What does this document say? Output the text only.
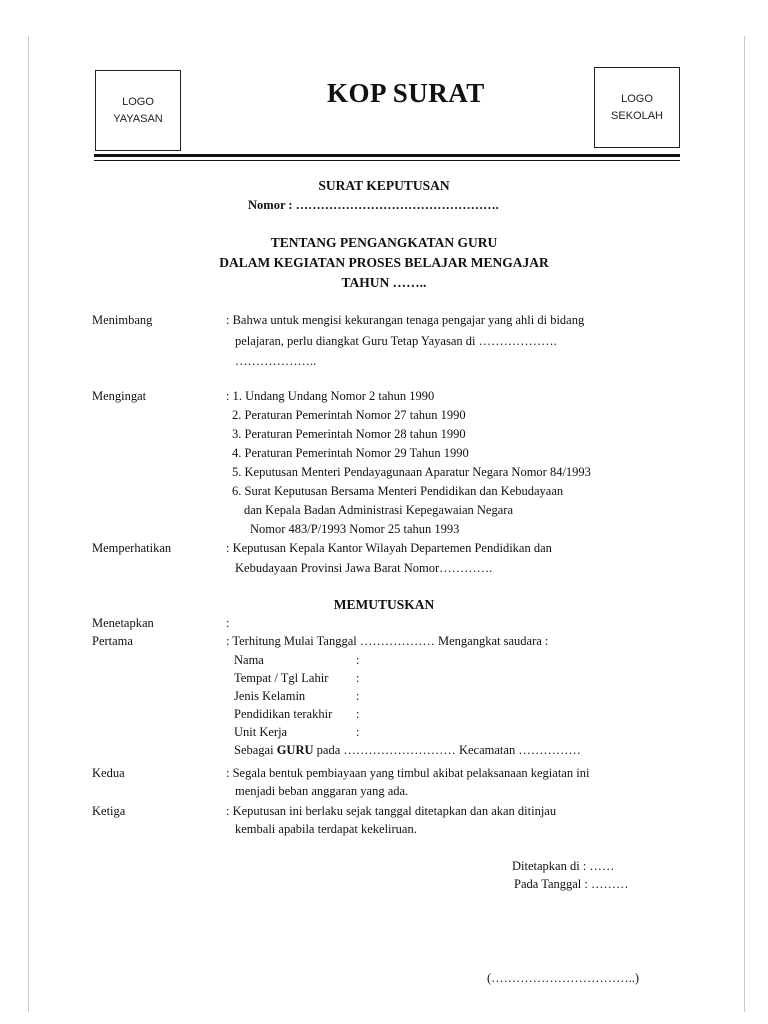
LOGO
YAYASAN
KOP SURAT	LOGO
SEKOLAH
SURAT KEPUTUSAN
Nomor : ………………………………………….
TENTANG PENGANGKATAN GURU
DALAM KEGIATAN PROSES BELAJAR MENGAJAR
TAHUN ……..
Menimbang	: Bahwa untuk mengisi kekurangan tenaga pengajar yang ahli di bidang
pelajaran, perlu diangkat Guru Tetap Yayasan di ……………….
………………..
Mengingat	: 1. Undang Undang Nomor 2 tahun 1990
2. Peraturan Pemerintah Nomor 27 tahun 1990
3. Peraturan Pemerintah Nomor 28 tahun 1990
4. Peraturan Pemerintah Nomor 29 Tahun 1990
5. Keputusan Menteri Pendayagunaan Aparatur Negara Nomor 84/1993
6. Surat Keputusan Bersama Menteri Pendidikan dan Kebudayaan
dan Kepala Badan Administrasi Kepegawaian Negara
Nomor 483/P/1993 Nomor 25 tahun 1993
Memperhatikan	: Keputusan Kepala Kantor Wilayah Departemen Pendidikan dan
Kebudayaan Provinsi Jawa Barat Nomor………….
MEMUTUSKAN
Menetapkan	:
Pertama	: Terhitung Mulai Tanggal ……………… Mengangkat saudara :
Nama	:
Tempat / Tgl Lahir :
Jenis Kelamin	:
Pendidikan terakhir :
Unit Kerja	:
Sebagai GURU pada ……………………… Kecamatan ……………
Kedua	: Segala bentuk pembiayaan yang timbul akibat pelaksanaan kegiatan ini
menjadi beban anggaran yang ada.
Ketiga	: Keputusan ini berlaku sejak tanggal ditetapkan dan akan ditinjau
kembali apabila terdapat kekeliruan.
Ditetapkan di : ……
Pada Tanggal : ………
(……………………………..)
